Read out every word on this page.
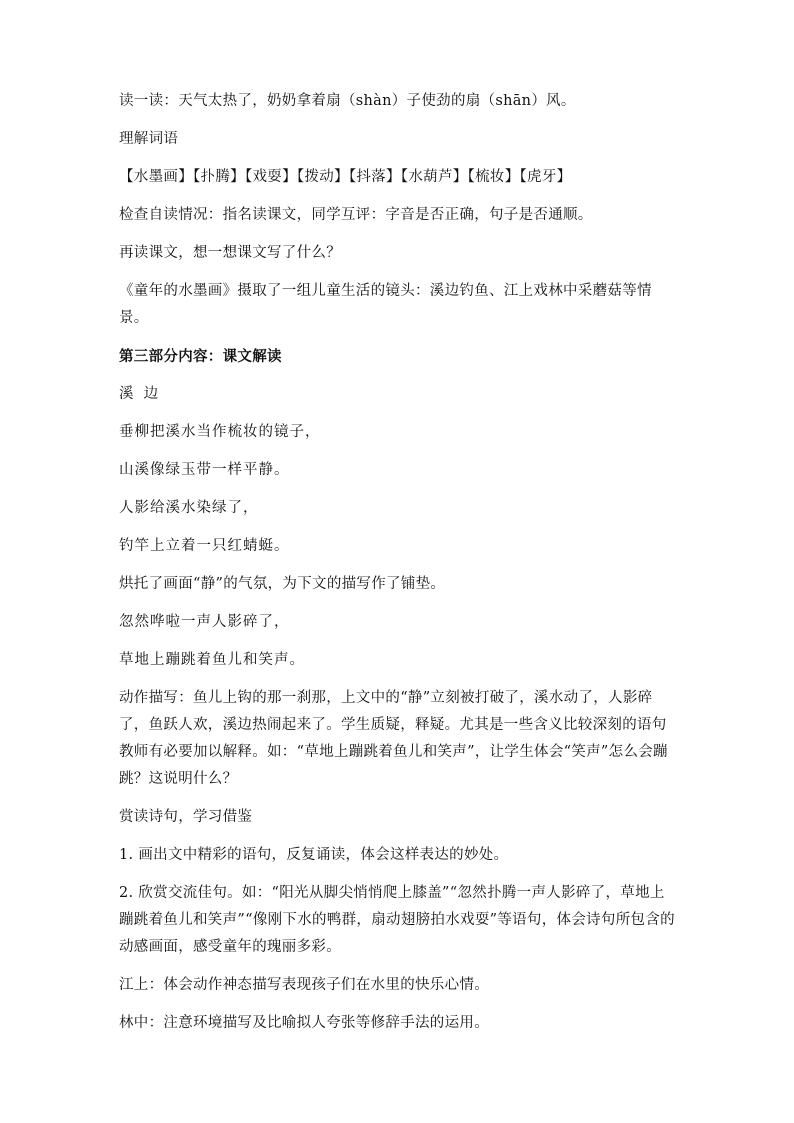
读一读：天气太热了，奶奶拿着扇（shàn）子使劲的扇（shān）风。

理解词语

【水墨画】【扑腾】【戏耍】【拨动】【抖落】【水葫芦】【梳妆】【虎牙】

检查自读情况：指名读课文，同学互评：字音是否正确，句子是否通顺。

再读课文，想一想课文写了什么？

《童年的水墨画》摄取了一组儿童生活的镜头：溪边钓鱼、江上戏林中采蘑菇等情景。

第三部分内容：课文解读

溪  边

垂柳把溪水当作梳妆的镜子，

山溪像绿玉带一样平静。

人影给溪水染绿了，

钓竿上立着一只红蜻蜓。

烘托了画面“静”的气氛，为下文的描写作了铺垫。

忽然哗啦一声人影碎了，

草地上蹦跳着鱼儿和笑声。

动作描写：鱼儿上钩的那一刹那，上文中的“静”立刻被打破了，溪水动了，人影碎了，鱼跃人欢，溪边热闹起来了。学生质疑，释疑。尤其是一些含义比较深刻的语句教师有必要加以解释。如：“草地上蹦跳着鱼儿和笑声”，让学生体会“笑声”怎么会蹦跳？这说明什么？

赏读诗句，学习借鉴

1. 画出文中精彩的语句，反复诵读，体会这样表达的妙处。

2. 欣赏交流佳句。如：“阳光从脚尖悄悄爬上膝盖”“忽然扑腾一声人影碎了，草地上蹦跳着鱼儿和笑声”“像刚下水的鸭群，扇动翅膀拍水戏耍”等语句，体会诗句所包含的动感画面，感受童年的瑰丽多彩。

江上：体会动作神态描写表现孩子们在水里的快乐心情。

林中：注意环境描写及比喻拟人夸张等修辞手法的运用。
